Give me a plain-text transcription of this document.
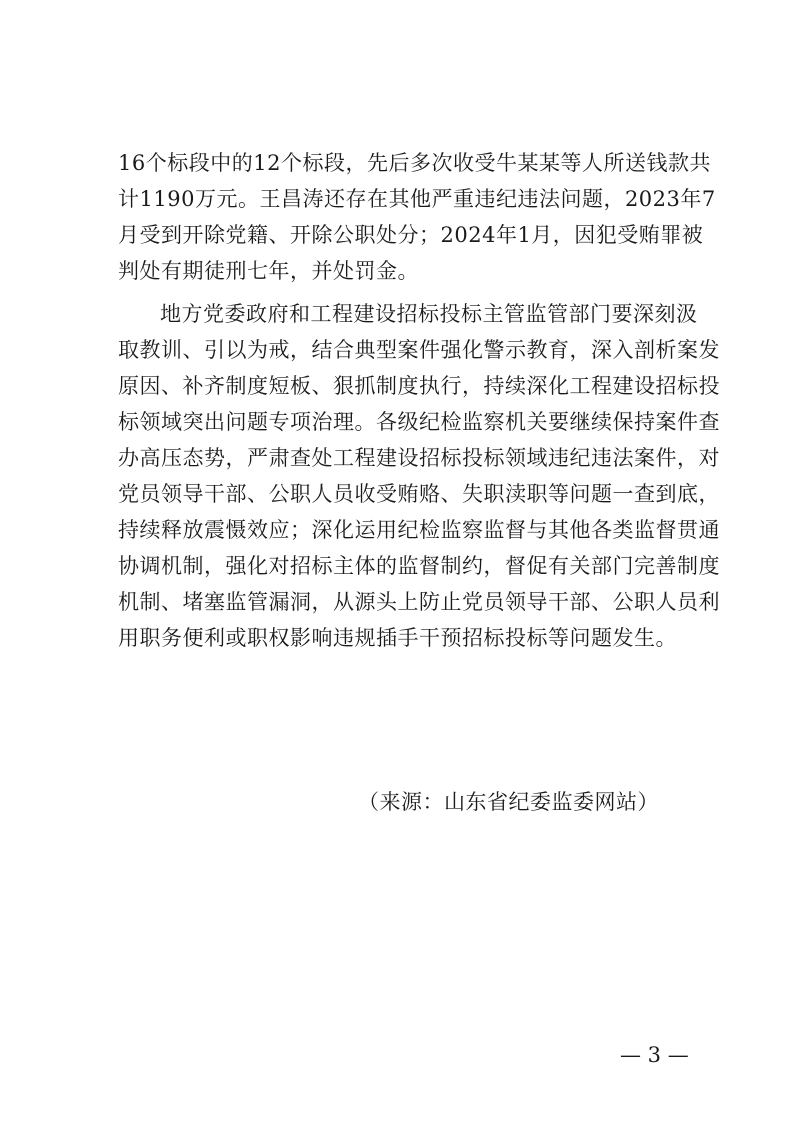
16个标段中的12个标段，先后多次收受牛某某等人所送钱款共
计1190万元。王昌涛还存在其他严重违纪违法问题，2023年7
月受到开除党籍、开除公职处分；2024年1月，因犯受贿罪被
判处有期徒刑七年，并处罚金。
地方党委政府和工程建设招标投标主管监管部门要深刻汲
取教训、引以为戒，结合典型案件强化警示教育，深入剖析案发
原因、补齐制度短板、狠抓制度执行，持续深化工程建设招标投
标领域突出问题专项治理。各级纪检监察机关要继续保持案件查
办高压态势，严肃查处工程建设招标投标领域违纪违法案件，对
党员领导干部、公职人员收受贿赂、失职渎职等问题一查到底，
持续释放震慑效应；深化运用纪检监察监督与其他各类监督贯通
协调机制，强化对招标主体的监督制约，督促有关部门完善制度
机制、堵塞监管漏洞，从源头上防止党员领导干部、公职人员利
用职务便利或职权影响违规插手干预招标投标等问题发生。
（来源：山东省纪委监委网站）
— 3 —
